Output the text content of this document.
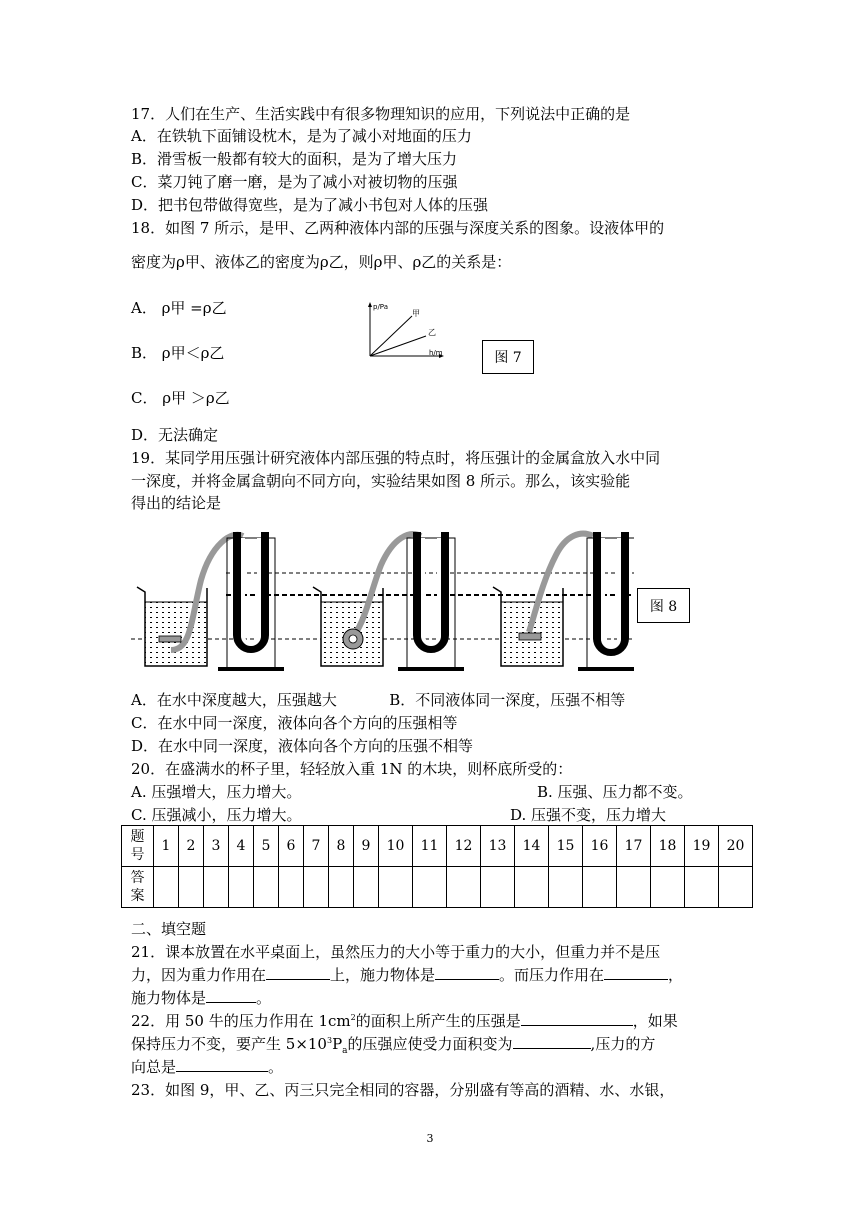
17．人们在生产、生活实践中有很多物理知识的应用，下列说法中正确的是
A．在铁轨下面铺设枕木，是为了减小对地面的压力
B．滑雪板一般都有较大的面积，是为了增大压力
C．菜刀钝了磨一磨，是为了减小对被切物的压强
D．把书包带做得宽些，是为了减小书包对人体的压强
18．如图 7 所示，是甲、乙两种液体内部的压强与深度关系的图象。设液体甲的
密度为ρ甲、液体乙的密度为ρ乙，则ρ甲、ρ乙的关系是：
A． ρ甲 =ρ乙
B． ρ甲＜ρ乙
C． ρ甲 ＞ρ乙
D．无法确定
p/Pa
h/m
甲
乙
图 7
19．某同学用压强计研究液体内部压强的特点时，将压强计的金属盒放入水中同
一深度，并将金属盒朝向不同方向，实验结果如图 8 所示。那么，该实验能
得出的结论是
图 8
A．在水中深度越大，压强越大           B．不同液体同一深度，压强不相等
C．在水中同一深度，液体向各个方向的压强相等
D．在水中同一深度，液体向各个方向的压强不相等
20．在盛满水的杯子里，轻轻放入重 1N 的木块，则杯底所受的：
A. 压强增大，压力增大。	B. 压强、压力都不变。
C. 压强减小，压力增大。	D. 压强不变，压力增大
题
号	1	2	3	4	5	6	7	8	9	10	11	12	13	14	15	16	17	18	19	20
答
案																				
二、填空题
21．课本放置在水平桌面上，虽然压力的大小等于重力的大小，但重力并不是压
力，因为重力作用在	上，施力物体是	。而压力作用在	，
施力物体是	。
22．用 50 牛的压力作用在 $1cm^2$的面积上所产生的压强是	，如果
保持压力不变，要产生 $5\times 10^3P_a$的压强应使受力面积变为	,压力的方
向总是	。
23．如图 9，甲、乙、丙三只完全相同的容器，分别盛有等高的酒精、水、水银，
3
